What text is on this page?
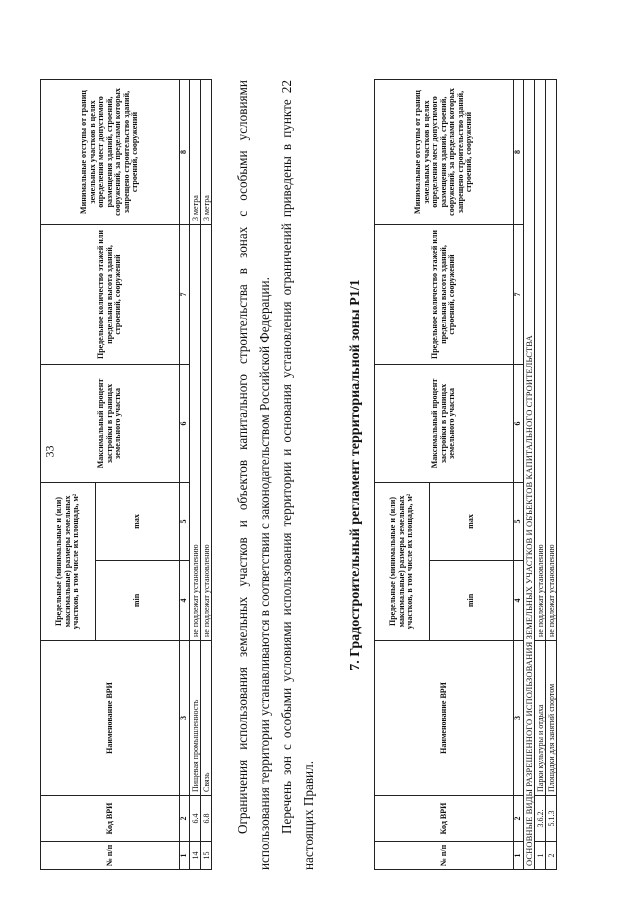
33
№ п/п	Код ВРИ	Наименование ВРИ	Предельные (минимальные и (или) максимальные) размеры земельных участков, в том числе их площадь, м²		Максимальный процент застройки в границах земельного участка	Предельное количество этажей или предельная высота зданий, строений, сооружений	Минимальные отступы от границ земельных участков в целях определения мест допустимого размещения зданий, строений, сооружений, за пределами которых запрещено строительство зданий, строений, сооружений
			min	max			
1	2	3	4	5	6	7	8
14	6.4	Пищевая промышленность	не подлежат установлению				3 метра
15	6.8	Связь	не подлежат установлению				3 метра Ограничения использования земельных участков и объектов капитального строительства в зонах с особыми условиями использования территории устанавливаются в соответствии с законодательством Российской Федерации. Перечень зон с особыми условиями использования территории и основания установления ограничений приведены в пункте 22 настоящих Правил.

7. Градостроительный регламент территориальной зоны Р1/1
№ п/п	Код ВРИ	Наименование ВРИ	Предельные (минимальные и (или) максимальные) размеры земельных участков, в том числе их площадь, м²		Максимальный процент застройки в границах земельного участка	Предельное количество этажей или предельная высота зданий, строений, сооружений	Минимальные отступы от границ земельных участков в целях определения мест допустимого размещения зданий, строений, сооружений, за пределами которых запрещено строительство зданий, строений, сооружений
			min	max			
1	2	3	4	5	6	7	8
ОСНОВНЫЕ ВИДЫ РАЗРЕШЕННОГО ИСПОЛЬЗОВАНИЯ ЗЕМЕЛЬНЫХ УЧАСТКОВ И ОБЪЕКТОВ КАПИТАЛЬНОГО СТРОИТЕЛЬСТВА							
1	3.6.2.	Парки культуры и отдыха	не подлежат установлению				
2	5.1.3	Площадки для занятий спортом	не подлежат установлению				
